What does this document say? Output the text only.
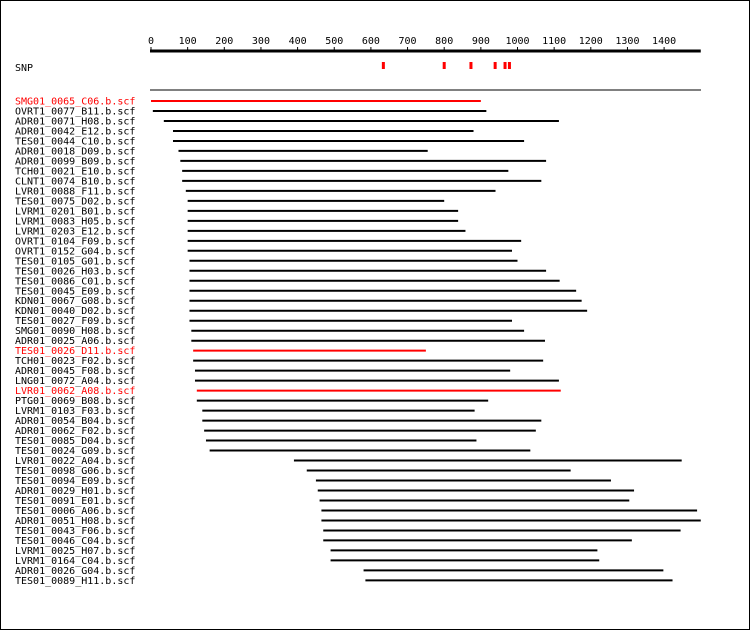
0 100 200 300 400 500 600 700 800 900 1000 1100 1200 1300 1400
SNP
SMG01_0065_C06.b.scf
OVRT1_0077_B11.b.scf
ADR01_0071_H08.b.scf
ADR01_0042_E12.b.scf
TES01_0044_C10.b.scf
ADR01_0018_D09.b.scf
ADR01_0099_B09.b.scf
TCH01_0021_E10.b.scf
CLNT1_0074_B10.b.scf
LVR01_0088_F11.b.scf
TES01_0075_D02.b.scf
LVRM1_0201_B01.b.scf
LVRM1_0083_H05.b.scf
LVRM1_0203_E12.b.scf
OVRT1_0104_F09.b.scf
OVRT1_0152_G04.b.scf
TES01_0105_G01.b.scf
TES01_0026_H03.b.scf
TES01_0086_C01.b.scf
TES01_0045_E09.b.scf
KDN01_0067_G08.b.scf
KDN01_0040_D02.b.scf
TES01_0027_F09.b.scf
SMG01_0090_H08.b.scf
ADR01_0025_A06.b.scf
TES01_0026_D11.b.scf
TCH01_0023_F02.b.scf
ADR01_0045_F08.b.scf
LNG01_0072_A04.b.scf
LVR01_0062_A08.b.scf
PTG01_0069_B08.b.scf
LVRM1_0103_F03.b.scf
ADR01_0054_B04.b.scf
ADR01_0062_F02.b.scf
TES01_0085_D04.b.scf
TES01_0024_G09.b.scf
LVR01_0022_A04.b.scf
TES01_0098_G06.b.scf
TES01_0094_E09.b.scf
ADR01_0029_H01.b.scf
TES01_0091_E01.b.scf
TES01_0006_A06.b.scf
ADR01_0051_H08.b.scf
TES01_0043_F06.b.scf
TES01_0046_C04.b.scf
LVRM1_0025_H07.b.scf
LVRM1_0164_C04.b.scf
ADR01_0026_G04.b.scf
TES01_0089_H11.b.scf
